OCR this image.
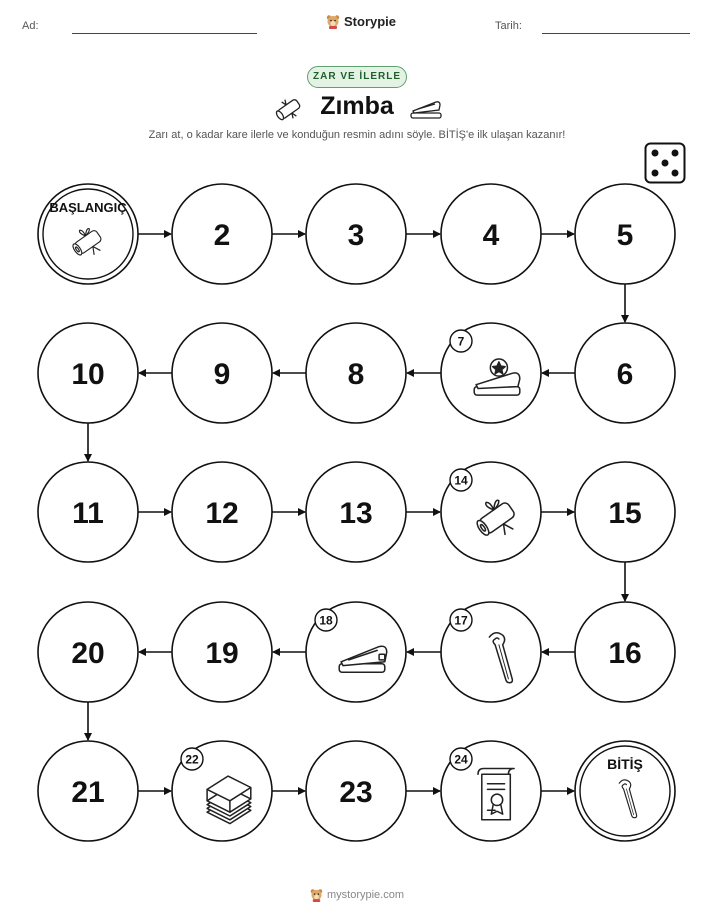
Ad:	Storypie	Tarih:
ZAR VE İLERLE
Zımba
Zarı at, o kadar kare ilerle ve konduğun resmin adını söyle. BİTİŞ'e ilk ulaşan kazanır!
BAŞLANGIÇ
2	3	4	5
6
7
8
9
10
11	12	13
14
15
16
17
18
19
20
21
22
23
24	BİTİŞ
mystorypie.com
